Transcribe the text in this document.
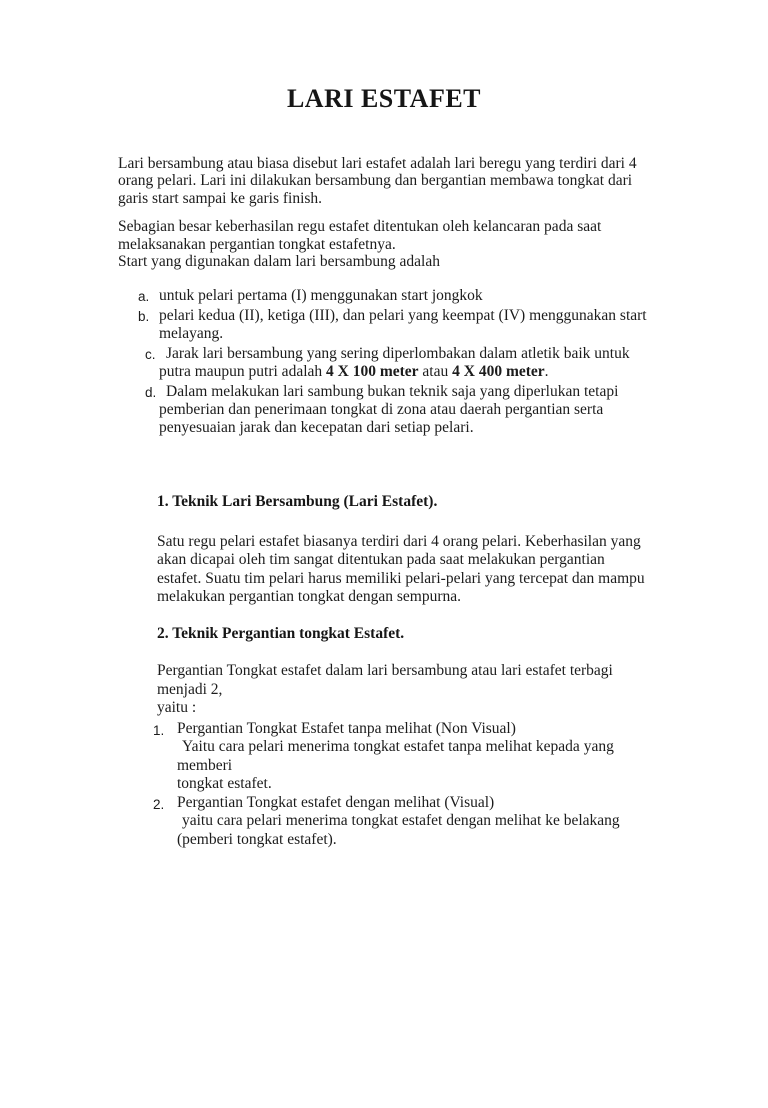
LARI ESTAFET

Lari bersambung atau biasa disebut lari estafet adalah lari beregu yang terdiri dari 4 orang pelari. Lari ini dilakukan bersambung dan bergantian membawa tongkat dari garis start sampai ke garis finish.

Sebagian besar keberhasilan regu estafet ditentukan oleh kelancaran pada saat melaksanakan pergantian tongkat estafetnya.

Start yang digunakan dalam lari bersambung adalah

a. untuk pelari pertama (I) menggunakan start jongkok
b. pelari kedua (II), ketiga (III), dan pelari yang keempat (IV) menggunakan start melayang.
c. Jarak lari bersambung yang sering diperlombakan dalam atletik baik untuk putra maupun putri adalah 4 X 100 meter atau 4 X 400 meter.
d. Dalam melakukan lari sambung bukan teknik saja yang diperlukan tetapi pemberian dan penerimaan tongkat di zona atau daerah pergantian serta penyesuaian jarak dan kecepatan dari setiap pelari.
1. Teknik Lari Bersambung (Lari Estafet).

Satu regu pelari estafet biasanya terdiri dari 4 orang pelari. Keberhasilan yang akan dicapai oleh tim sangat ditentukan pada saat melakukan pergantian estafet. Suatu tim pelari harus memiliki pelari-pelari yang tercepat dan mampu melakukan pergantian tongkat dengan sempurna.

2. Teknik Pergantian tongkat Estafet.

Pergantian Tongkat estafet dalam lari bersambung atau lari estafet terbagi menjadi 2,
yaitu :

1. Pergantian Tongkat Estafet tanpa melihat (Non Visual)
Yaitu cara pelari menerima tongkat estafet tanpa melihat kepada yang memberi
tongkat estafet.
2. Pergantian Tongkat estafet dengan melihat (Visual)
yaitu cara pelari menerima tongkat estafet dengan melihat ke belakang
(pemberi tongkat estafet).
